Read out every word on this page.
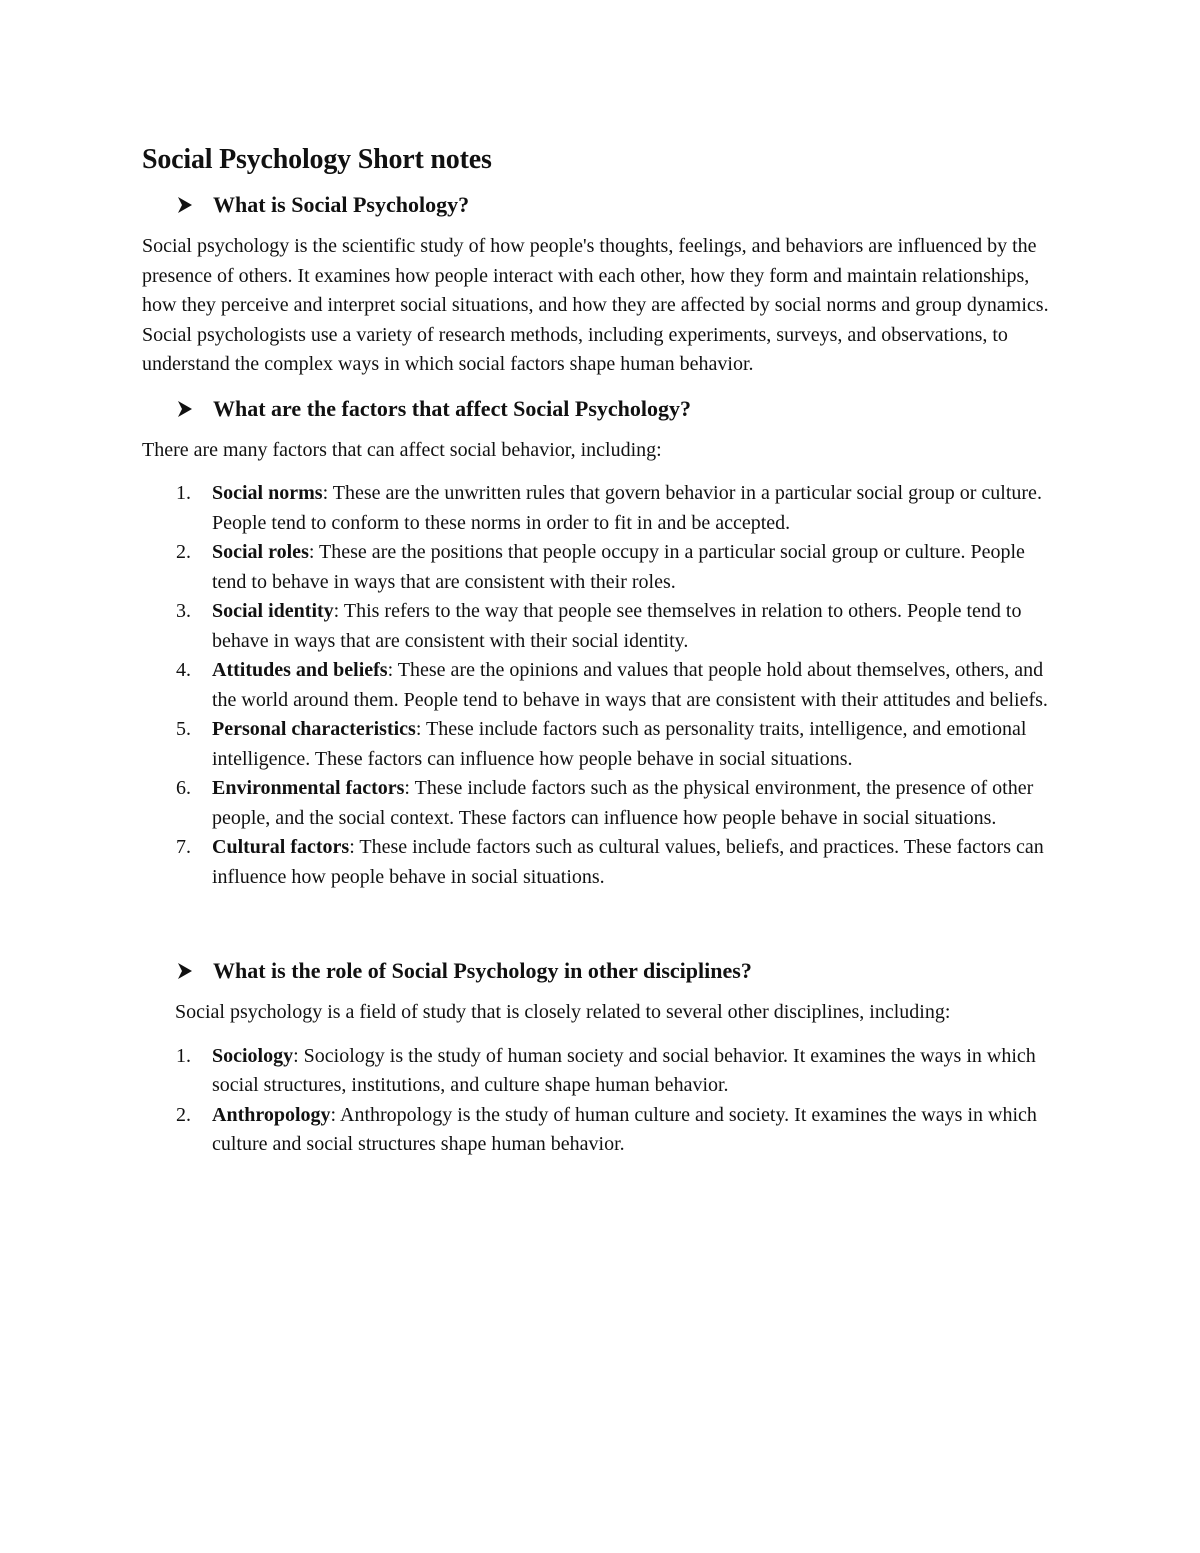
Social Psychology Short notes
What is Social Psychology?

Social psychology is the scientific study of how people's thoughts, feelings, and behaviors are influenced by the presence of others. It examines how people interact with each other, how they form and maintain relationships, how they perceive and interpret social situations, and how they are affected by social norms and group dynamics. Social psychologists use a variety of research methods, including experiments, surveys, and observations, to understand the complex ways in which social factors shape human behavior.

What are the factors that affect Social Psychology?

There are many factors that can affect social behavior, including:

1.	Social norms: These are the unwritten rules that govern behavior in a particular social group or culture. People tend to conform to these norms in order to fit in and be accepted.
2.	Social roles: These are the positions that people occupy in a particular social group or culture. People tend to behave in ways that are consistent with their roles.
3.	Social identity: This refers to the way that people see themselves in relation to others. People tend to behave in ways that are consistent with their social identity.
4.	Attitudes and beliefs: These are the opinions and values that people hold about themselves, others, and the world around them. People tend to behave in ways that are consistent with their attitudes and beliefs.
5.	Personal characteristics: These include factors such as personality traits, intelligence, and emotional intelligence. These factors can influence how people behave in social situations.
6.	Environmental factors: These include factors such as the physical environment, the presence of other people, and the social context. These factors can influence how people behave in social situations.
7.	Cultural factors: These include factors such as cultural values, beliefs, and practices. These factors can influence how people behave in social situations.
What is the role of Social Psychology in other disciplines?

Social psychology is a field of study that is closely related to several other disciplines, including:

1.	Sociology: Sociology is the study of human society and social behavior. It examines the ways in which social structures, institutions, and culture shape human behavior.
2.	Anthropology: Anthropology is the study of human culture and society. It examines the ways in which culture and social structures shape human behavior.
